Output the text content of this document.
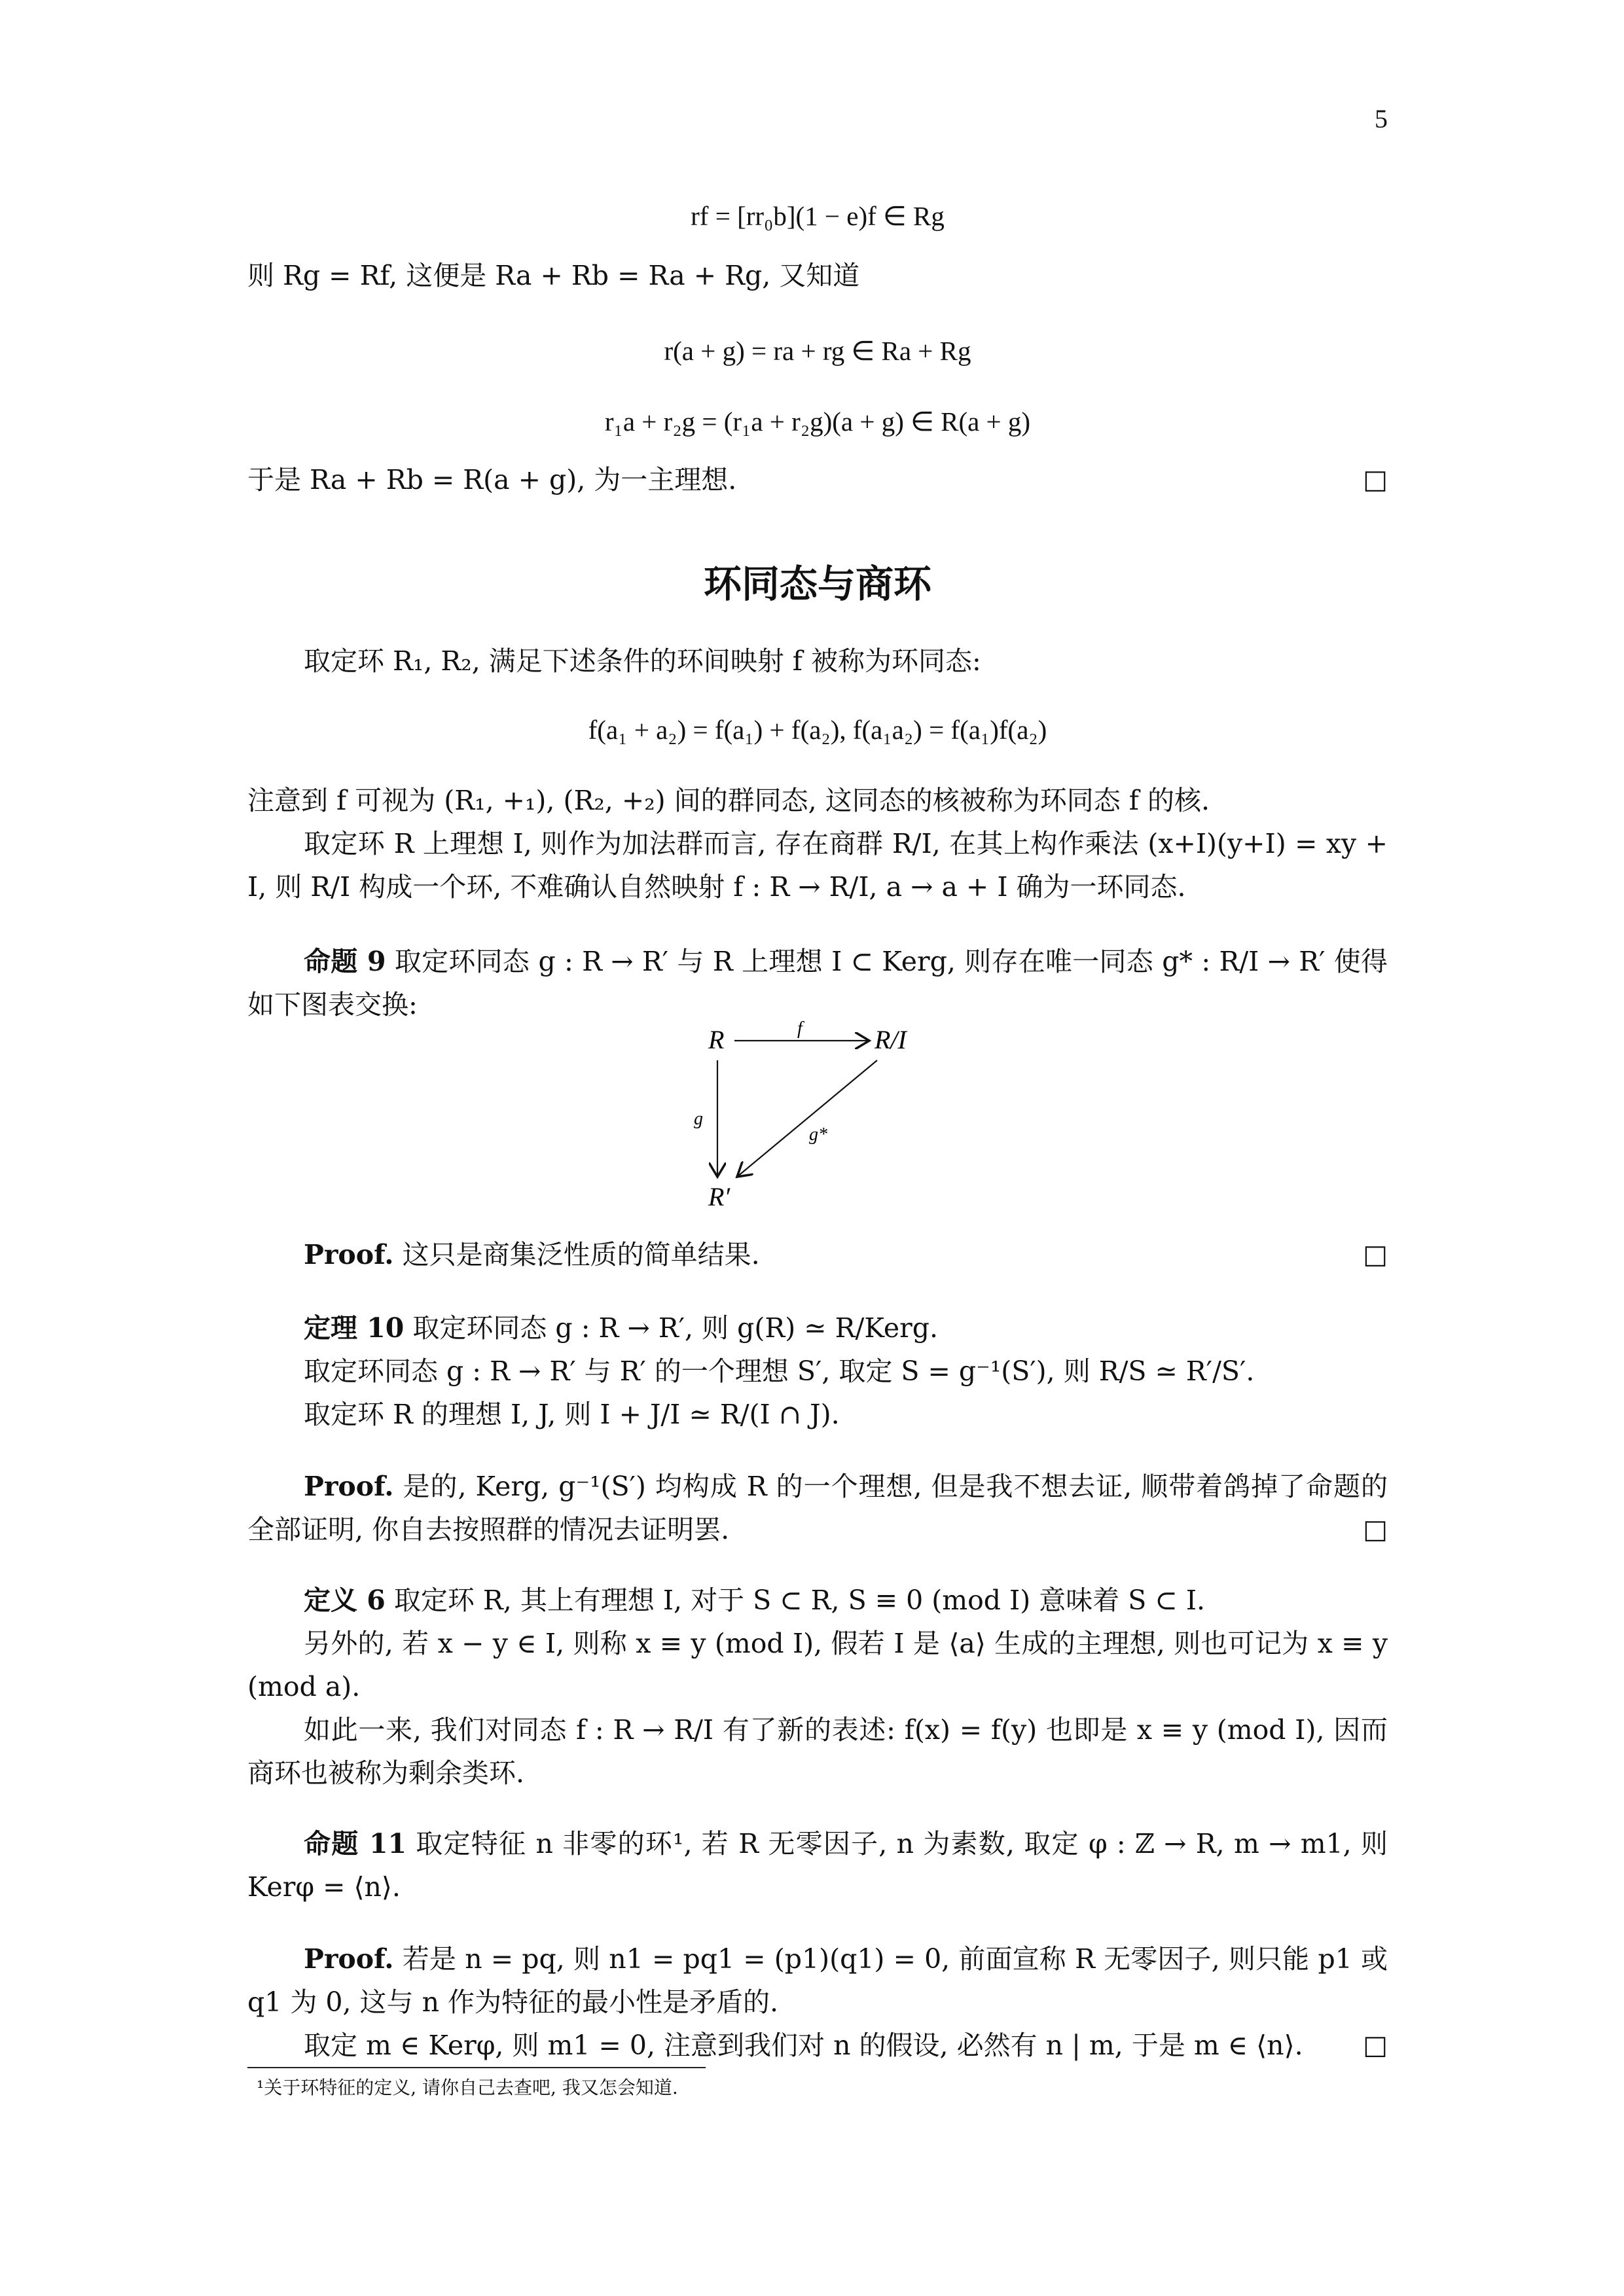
5
rf = [rr₀b](1 − e)f ∈ Rg
则 Rg = Rf, 这便是 Ra + Rb = Ra + Rg, 又知道
r(a + g) = ra + rg ∈ Ra + Rg
r₁a + r₂g = (r₁a + r₂g)(a + g) ∈ R(a + g)
于是 Ra + Rb = R(a + g), 为一主理想.	□
环同态与商环
取定环 R₁, R₂, 满足下述条件的环间映射 f 被称为环同态:
f(a₁ + a₂) = f(a₁) + f(a₂), f(a₁a₂) = f(a₁)f(a₂)
注意到 f 可视为 (R₁, +₁), (R₂, +₂) 间的群同态, 这同态的核被称为环同态 f 的核.
取定环 R 上理想 I, 则作为加法群而言, 存在商群 R/I, 在其上构作乘法 (x+I)(y+I) = xy + I, 则 R/I 构成一个环, 不难确认自然映射 f : R → R/I, a → a + I 确为一环同态.
命题 9 取定环同态 g : R → R′ 与 R 上理想 I ⊂ Kerg, 则存在唯一同态 g* : R/I → R′ 使得如下图表交换:
R	R/I
R′
f
g
g*
Proof. 这只是商集泛性质的简单结果.	□
定理 10 取定环同态 g : R → R′, 则 g(R) ≃ R/Kerg.
取定环同态 g : R → R′ 与 R′ 的一个理想 S′, 取定 S = g⁻¹(S′), 则 R/S ≃ R′/S′.
取定环 R 的理想 I, J, 则 I + J/I ≃ R/(I ∩ J).
Proof. 是的, Kerg, g⁻¹(S′) 均构成 R 的一个理想, 但是我不想去证, 顺带着鸽掉了命题的全部证明, 你自去按照群的情况去证明罢.	□
定义 6 取定环 R, 其上有理想 I, 对于 S ⊂ R, S ≡ 0 (mod I) 意味着 S ⊂ I.
另外的, 若 x − y ∈ I, 则称 x ≡ y (mod I), 假若 I 是 ⟨a⟩ 生成的主理想, 则也可记为 x ≡ y (mod a).
如此一来, 我们对同态 f : R → R/I 有了新的表述: f(x) = f(y) 也即是 x ≡ y (mod I), 因而商环也被称为剩余类环.
命题 11 取定特征 n 非零的环¹, 若 R 无零因子, n 为素数, 取定 φ : ℤ → R, m → m1, 则 Kerφ = ⟨n⟩.
Proof. 若是 n = pq, 则 n1 = pq1 = (p1)(q1) = 0, 前面宣称 R 无零因子, 则只能 p1 或 q1 为 0, 这与 n 作为特征的最小性是矛盾的.
取定 m ∈ Kerφ, 则 m1 = 0, 注意到我们对 n 的假设, 必然有 n | m, 于是 m ∈ ⟨n⟩.	□
¹关于环特征的定义, 请你自己去查吧, 我又怎会知道.
